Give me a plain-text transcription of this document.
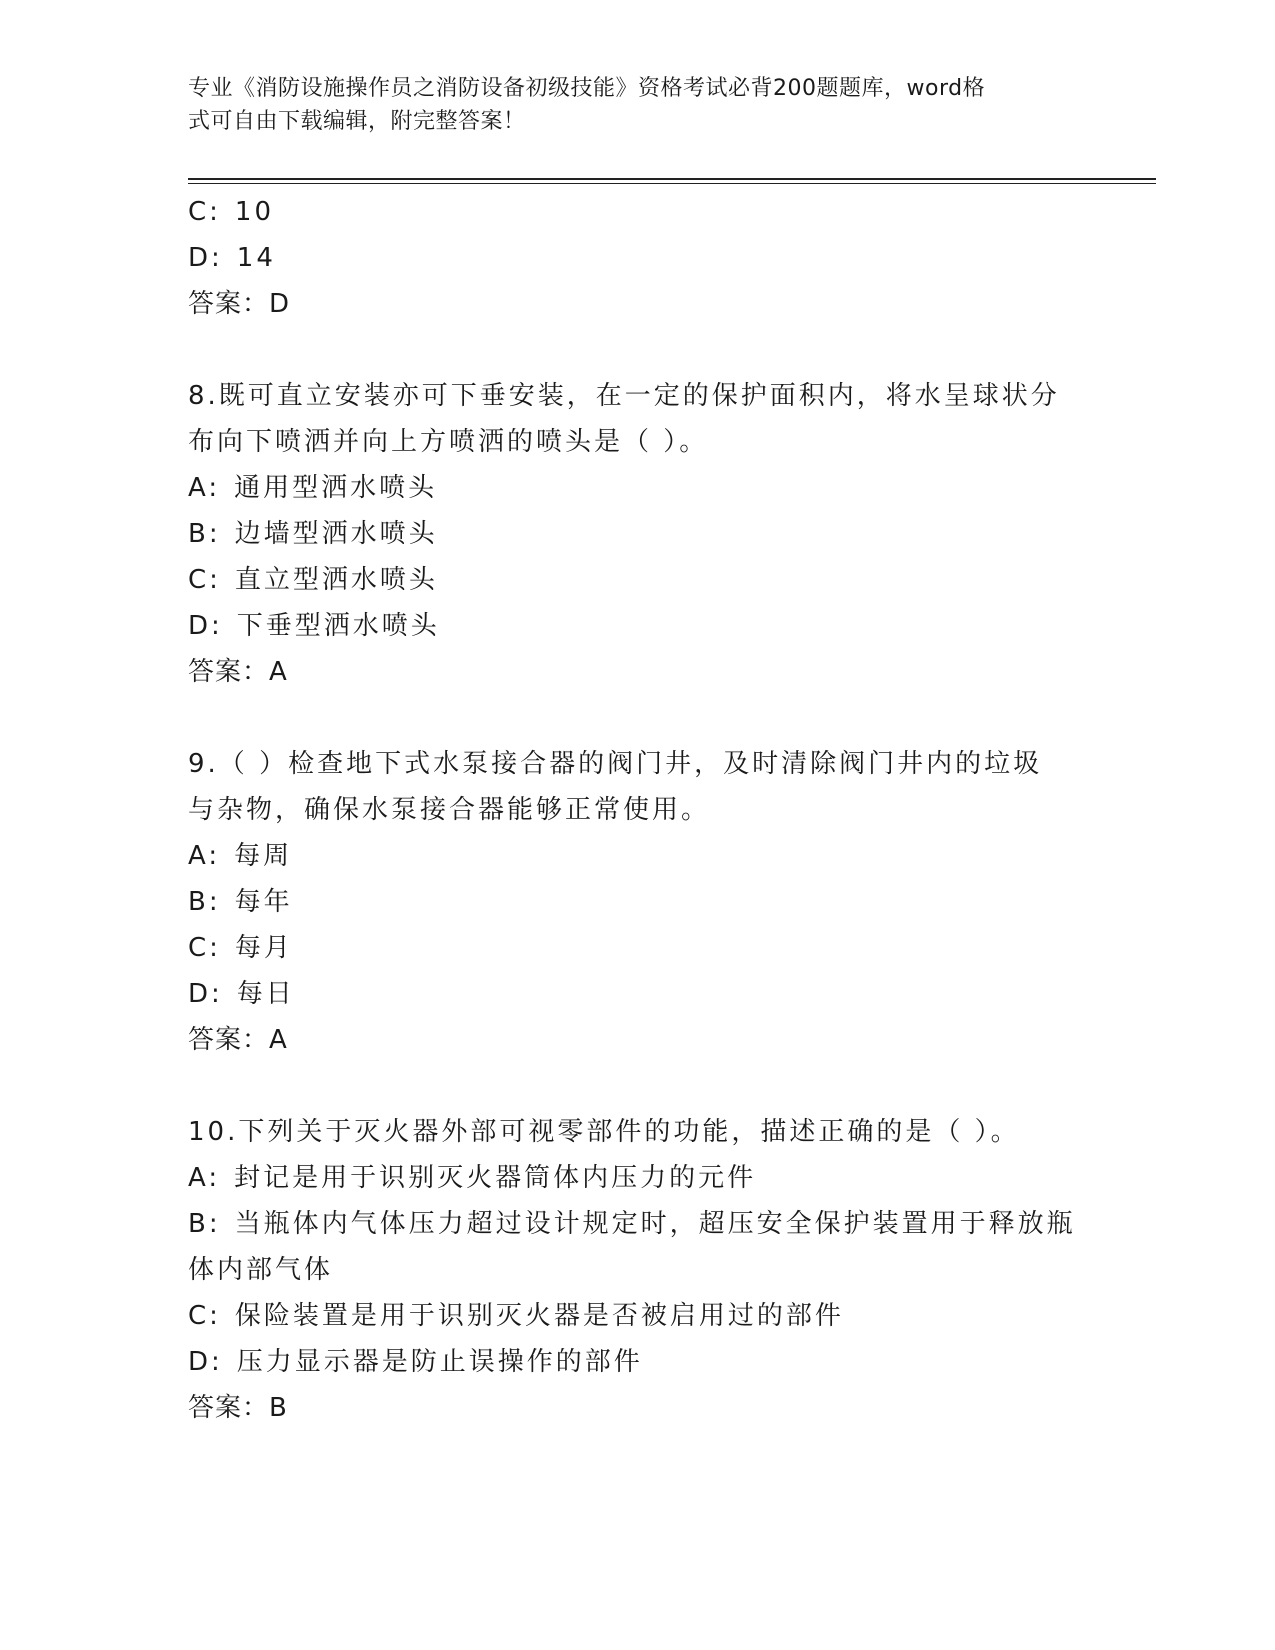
专业《消防设施操作员之消防设备初级技能》资格考试必背200题题库，word格
式可自由下载编辑，附完整答案！
C: 10
D: 14
答案：D
8.既可直立安装亦可下垂安装，在一定的保护面积内，将水呈球状分
布向下喷洒并向上方喷洒的喷头是（ ）。
A: 通用型洒水喷头
B: 边墙型洒水喷头
C: 直立型洒水喷头
D: 下垂型洒水喷头
答案：A
9.（ ）检查地下式水泵接合器的阀门井，及时清除阀门井内的垃圾
与杂物，确保水泵接合器能够正常使用。
A: 每周
B: 每年
C: 每月
D: 每日
答案：A
10.下列关于灭火器外部可视零部件的功能，描述正确的是（ ）。
A: 封记是用于识别灭火器筒体内压力的元件
B: 当瓶体内气体压力超过设计规定时，超压安全保护装置用于释放瓶
体内部气体
C: 保险装置是用于识别灭火器是否被启用过的部件
D: 压力显示器是防止误操作的部件
答案：B
